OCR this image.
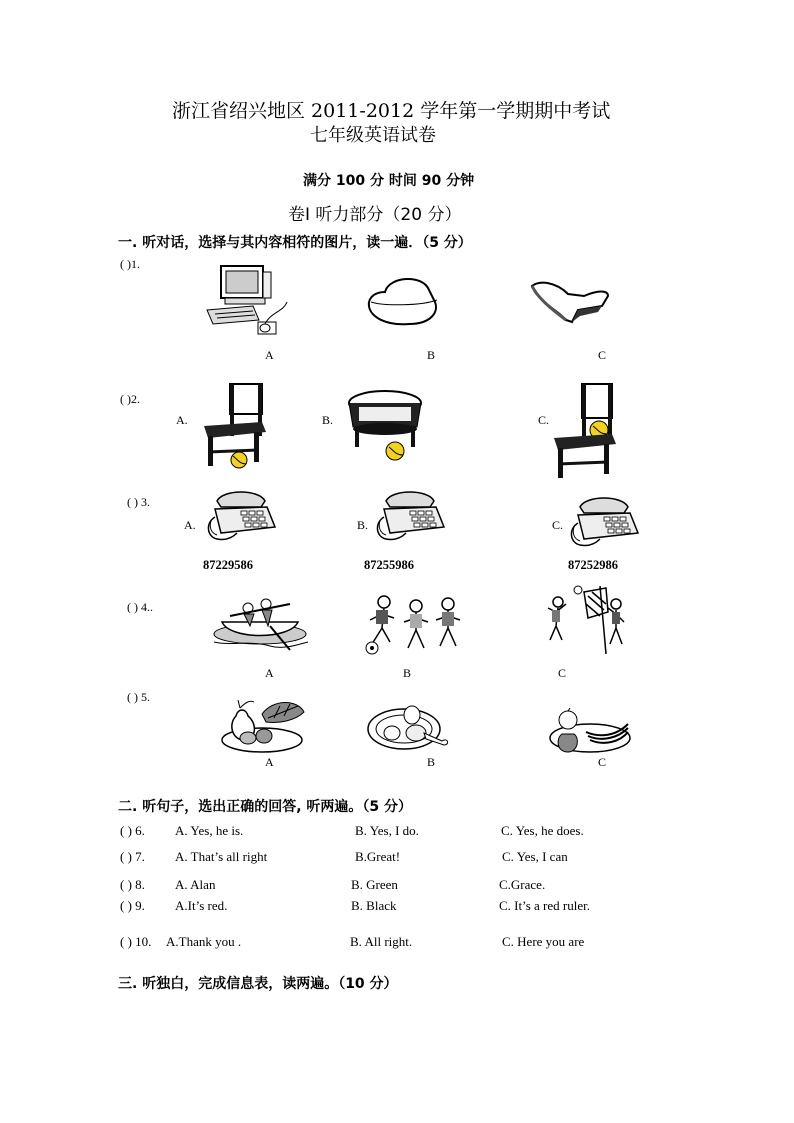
浙江省绍兴地区 2011-2012 学年第一学期期中考试
七年级英语试卷
满分 100 分 时间 90 分钟
卷Ⅰ 听力部分（20 分）
一. 听对话，选择与其内容相符的图片，读一遍．（5 分）
( )1.
A	B	C
( )2.
A.	B.	C.
( ) 3.
A.	B.	C.
87229586	87255986	87252986
( ) 4..
A	B	C
( ) 5.
A	B	C
二. 听句子，选出正确的回答, 听两遍。（5 分）
( ) 6. A. Yes, he is.	B. Yes, I do.	C. Yes, he does.
( ) 7. A. That’s all right	B.Great!	C. Yes, I can
( ) 8. A. Alan	B. Green	C.Grace.
( ) 9. A.It’s red.	B. Black	C. It’s a red ruler.
( ) 10. A.Thank you .	B. All right.	C. Here you are
三. 听独白，完成信息表，读两遍。（10 分）
